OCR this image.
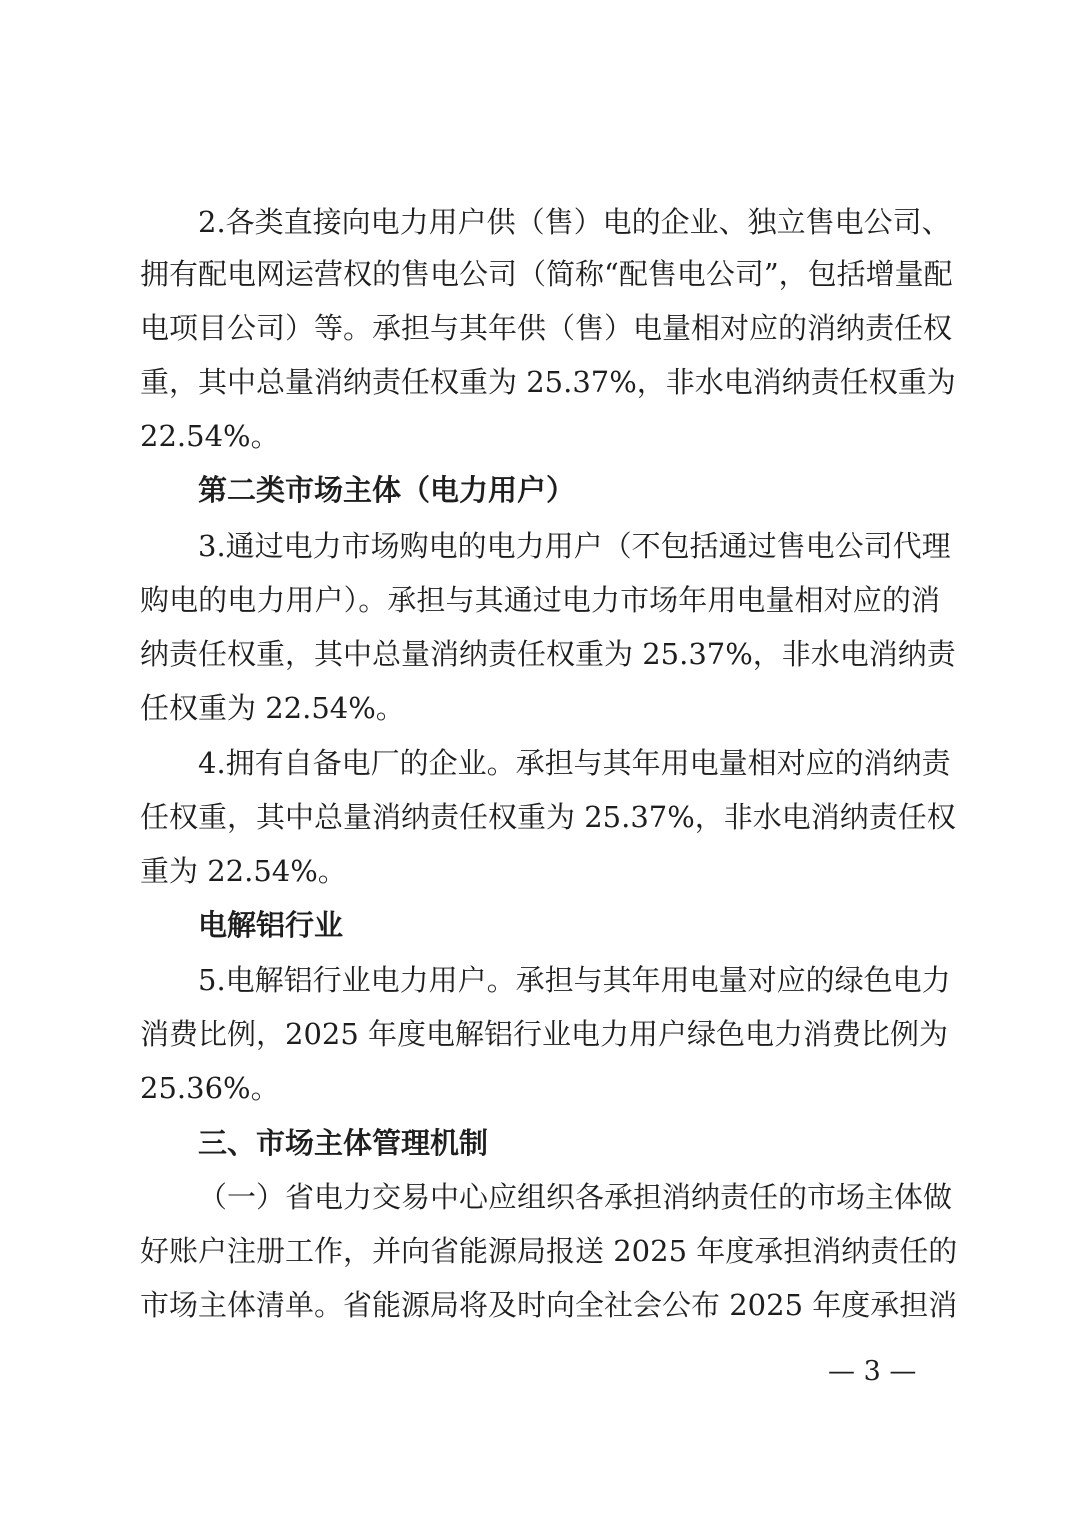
2.各类直接向电力用户供（售）电的企业、独立售电公司、
拥有配电网运营权的售电公司（简称“配售电公司”，包括增量配
电项目公司）等。承担与其年供（售）电量相对应的消纳责任权
重，其中总量消纳责任权重为 25.37%，非水电消纳责任权重为
22.54%。
第二类市场主体（电力用户）
3.通过电力市场购电的电力用户（不包括通过售电公司代理
购电的电力用户）。承担与其通过电力市场年用电量相对应的消
纳责任权重，其中总量消纳责任权重为 25.37%，非水电消纳责
任权重为 22.54%。
4.拥有自备电厂的企业。承担与其年用电量相对应的消纳责
任权重，其中总量消纳责任权重为 25.37%，非水电消纳责任权
重为 22.54%。
电解铝行业
5.电解铝行业电力用户。承担与其年用电量对应的绿色电力
消费比例，2025 年度电解铝行业电力用户绿色电力消费比例为
25.36%。
三、市场主体管理机制
（一）省电力交易中心应组织各承担消纳责任的市场主体做
好账户注册工作，并向省能源局报送 2025 年度承担消纳责任的
市场主体清单。省能源局将及时向全社会公布 2025 年度承担消
— 3 —
